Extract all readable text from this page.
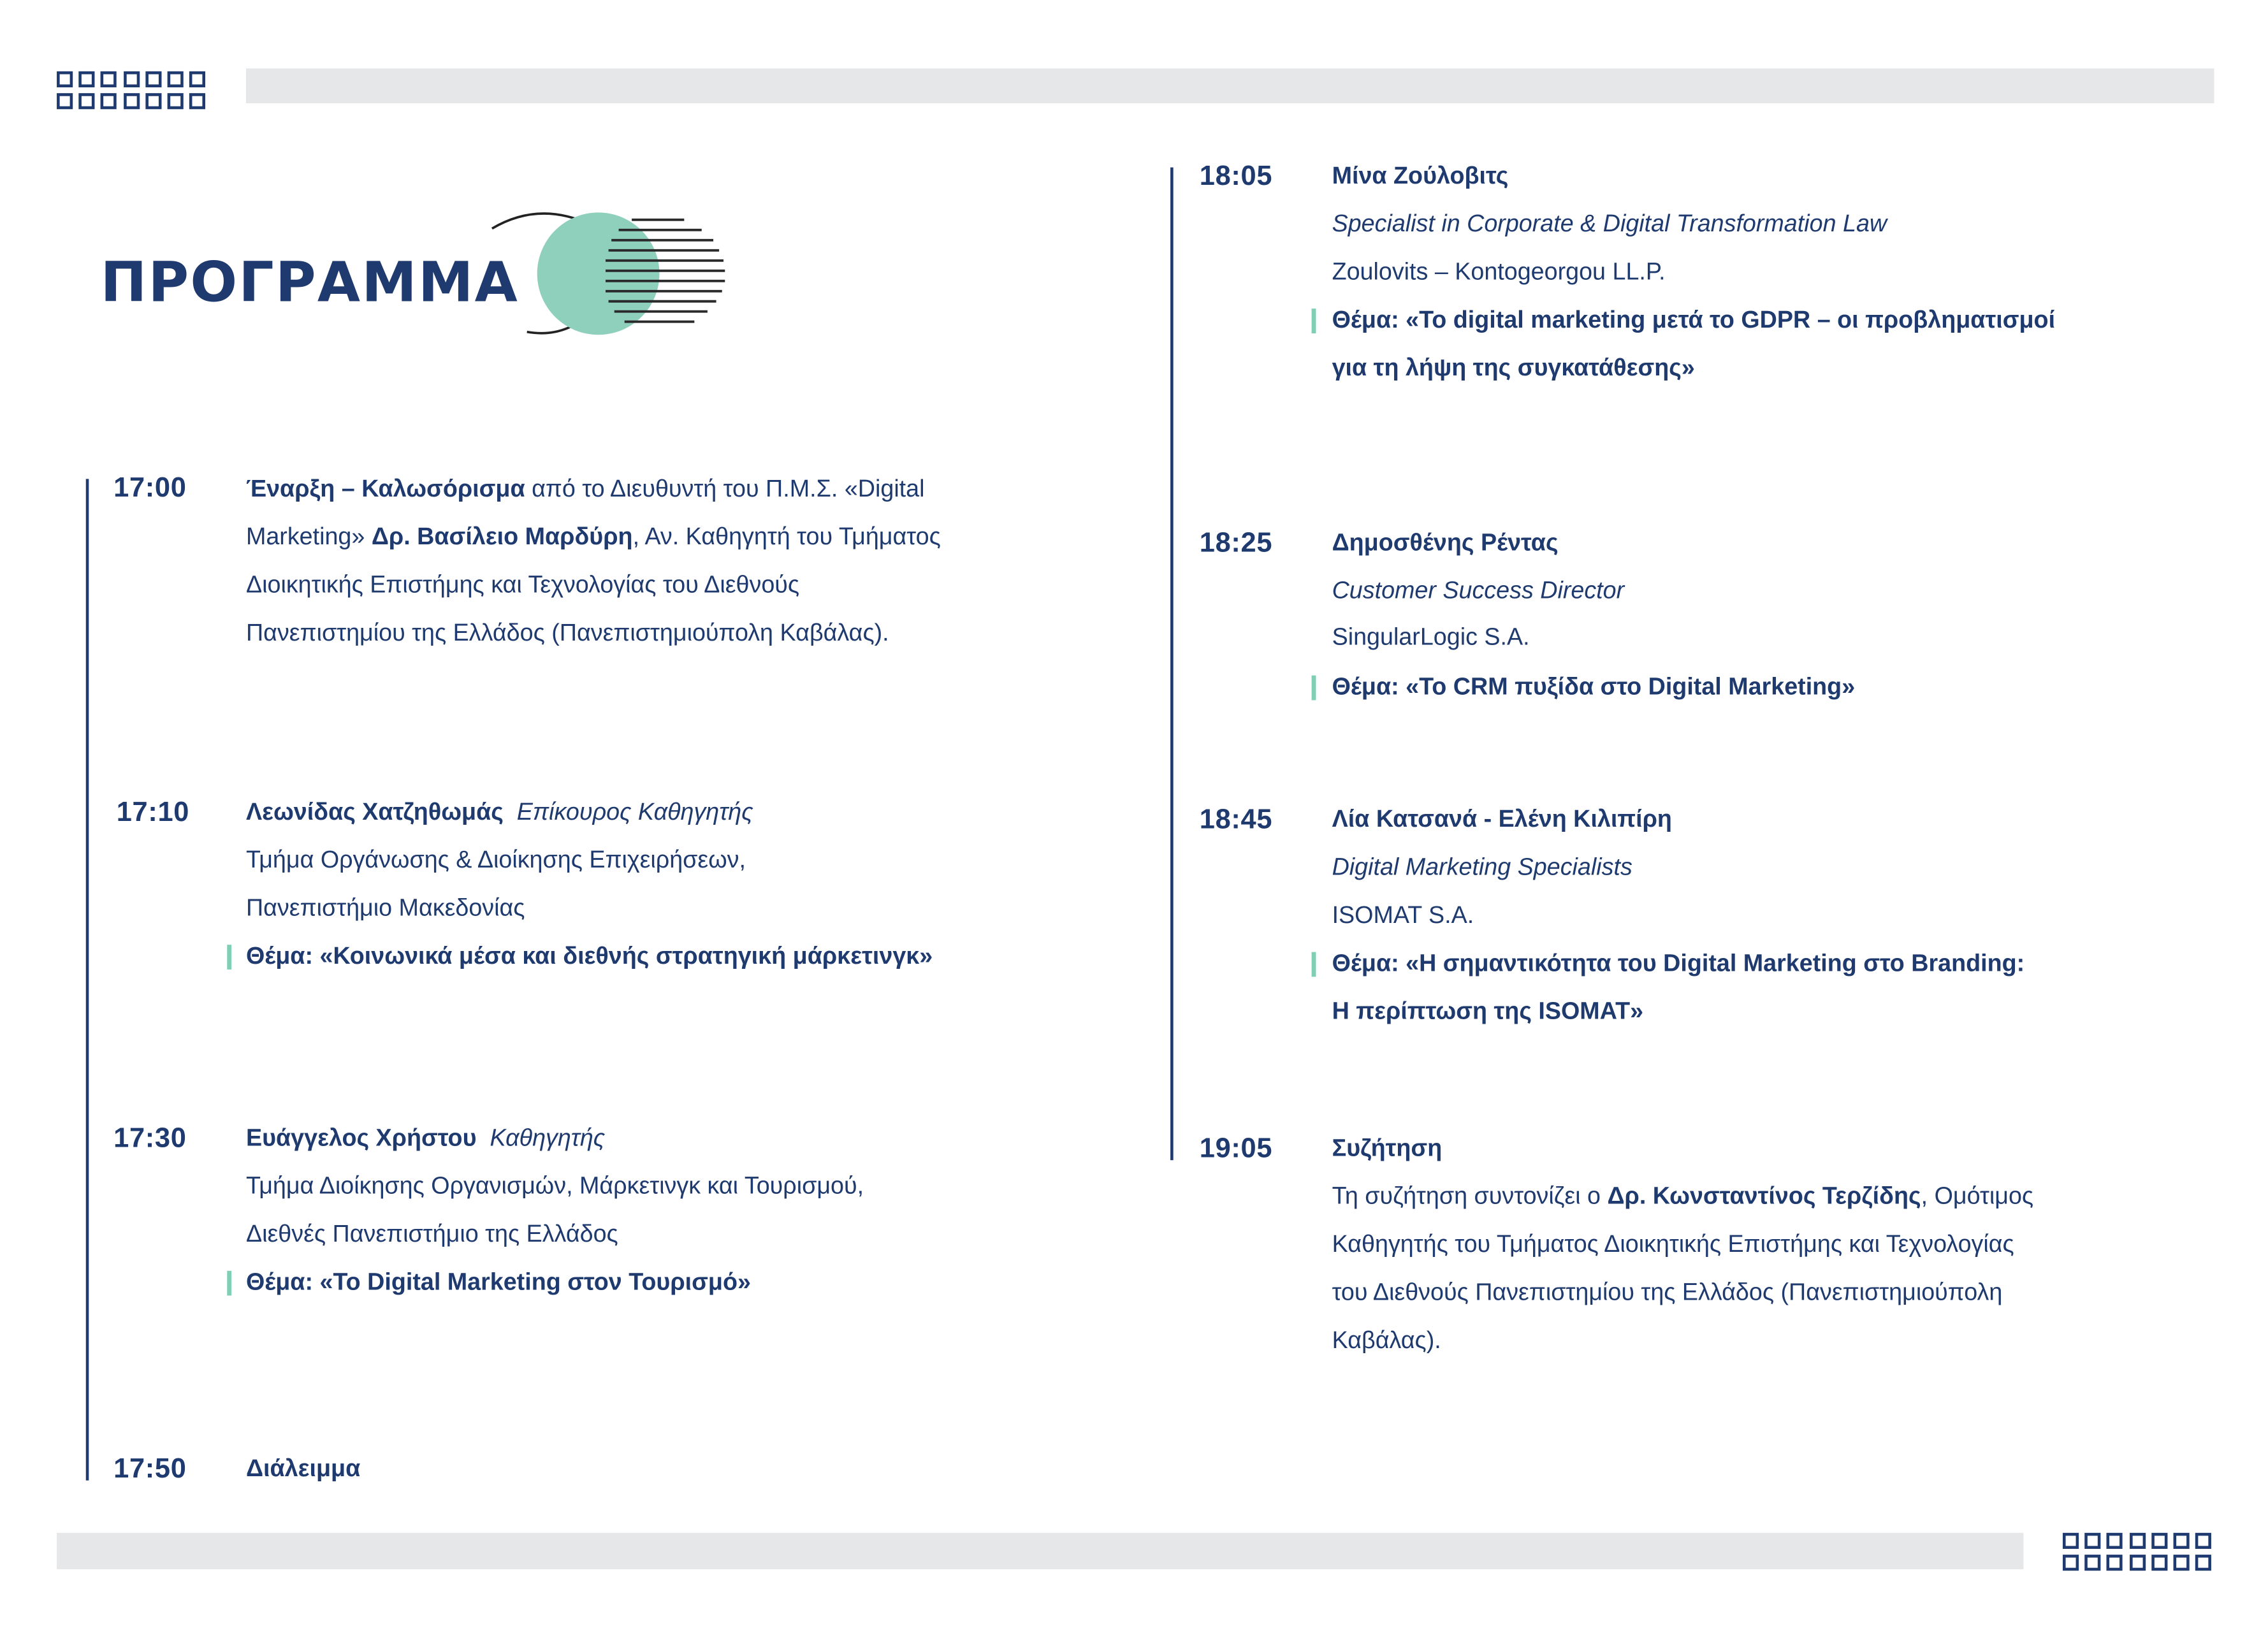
ΠΡΟΓΡΑΜΜΑ
17:00	Έναρξη – Καλωσόρισμα από το Διευθυντή του Π.Μ.Σ. «Digital

Marketing» Δρ. Βασίλειο Μαρδύρη, Αν. Καθηγητή του Τμήματος

Διοικητικής Επιστήμης και Τεχνολογίας του Διεθνούς

Πανεπιστημίου της Ελλάδος (Πανεπιστημιούπολη Καβάλας).

17:10	Λεωνίδας Χατζηθωμάς Επίκουρος Καθηγητής
Τμήμα Οργάνωσης & Διοίκησης Επιχειρήσεων,
Πανεπιστήμιο Μακεδονίας
Θέμα: «Κοινωνικά μέσα και διεθνής στρατηγική μάρκετινγκ»
17:30	Ευάγγελος Χρήστου Καθηγητής
Τμήμα Διοίκησης Οργανισμών, Μάρκετινγκ και Τουρισμού,
Διεθνές Πανεπιστήμιο της Ελλάδος
Θέμα: «Το Digital Marketing στον Τουρισμό»
17:50	Διάλειμμα
18:05	Μίνα Ζούλοβιτς
Specialist in Corporate & Digital Transformation Law
Zoulovits – Kontogeorgou LL.P.
Θέμα: «Το digital marketing μετά το GDPR – οι προβληματισμοί
για τη λήψη της συγκατάθεσης»
18:25	Δημοσθένης Ρέντας
Customer Success Director
SingularLogic S.A.
Θέμα: «Το CRM πυξίδα στο Digital Marketing»
18:45	Λία Κατσανά - Ελένη Κιλιπίρη
Digital Marketing Specialists
ISOMAT S.A.
Θέμα: «Η σημαντικότητα του Digital Marketing στο Branding:
Η περίπτωση της ISOMAT»
19:05	Συζήτηση

Τη συζήτηση συντονίζει ο Δρ. Κωνσταντίνος Τερζίδης, Ομότιμος

Καθηγητής του Τμήματος Διοικητικής Επιστήμης και Τεχνολογίας

του Διεθνούς Πανεπιστημίου της Ελλάδος (Πανεπιστημιούπολη

Καβάλας).
